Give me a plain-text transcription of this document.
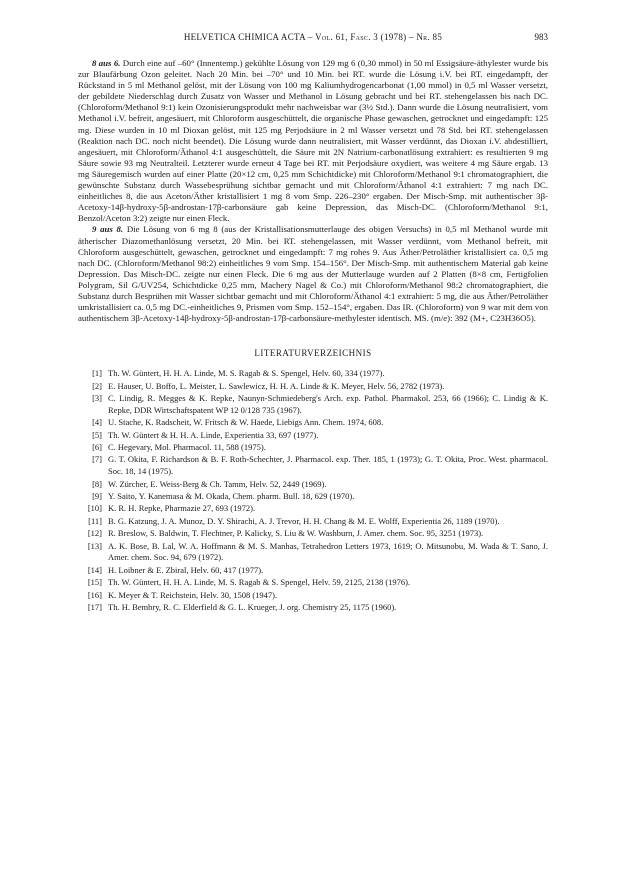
HELVETICA CHIMICA ACTA – Vol. 61, Fasc. 3 (1978) – Nr. 85	983

8 aus 6. Durch eine auf –60° (Innentemp.) gekühlte Lösung von 129 mg 6 (0,30 mmol) in 50 ml Essigsäure-äthylester wurde bis zur Blaufärbung Ozon geleitet. Nach 20 Min. bei –70° und 10 Min. bei RT. wurde die Lösung i.V. bei RT. eingedampft, der Rückstand in 5 ml Methanol gelöst, mit der Lösung von 100 mg Kaliumhydrogencarbonat (1,00 mmol) in 0,5 ml Wasser versetzt, der gebildete Niederschlag durch Zusatz von Wasser und Methanol in Lösung gebracht und bei RT. stehengelassen bis nach DC. (Chloroform/Methanol 9:1) kein Ozonisierungsprodukt mehr nachweisbar war (3½ Std.). Dann wurde die Lösung neutralisiert, vom Methanol i.V. befreit, angesäuert, mit Chloroform ausgeschüttelt, die organische Phase gewaschen, getrocknet und eingedampft: 125 mg. Diese wurden in 10 ml Dioxan gelöst, mit 125 mg Perjodsäure in 2 ml Wasser versetzt und 78 Std. bei RT. stehengelassen (Reaktion nach DC. noch nicht beendet). Die Lösung wurde dann neutralisiert, mit Wasser verdünnt, das Dioxan i.V. abdestilliert, angesäuert, mit Chloroform/Äthanol 4:1 ausgeschüttelt, die Säure mit 2N Natrium-carbonatlösung extrahiert: es resultierten 9 mg Säure sowie 93 mg Neutralteil. Letzterer wurde erneut 4 Tage bei RT. mit Perjodsäure oxydiert, was weitere 4 mg Säure ergab. 13 mg Säuregemisch wurden auf einer Platte (20×12 cm, 0,25 mm Schichtdicke) mit Chloroform/Methanol 9:1 chromatographiert, die gewünschte Substanz durch Wassebesprühung sichtbar gemacht und mit Chloroform/Äthanol 4:1 extrahiert: 7 mg nach DC. einheitliches 8, die aus Aceton/Äther kristallisiert 1 mg 8 vom Smp. 226–230° ergaben. Der Misch-Smp. mit authentischer 3β-Acetoxy-14β-hydroxy-5β-androstan-17β-carbonsäure gab keine Depression, das Misch-DC. (Chloroform/Methanol 9:1, Benzol/Aceton 3:2) zeigte nur einen Fleck.

9 aus 8. Die Lösung von 6 mg 8 (aus der Kristallisationsmutterlauge des obigen Versuchs) in 0,5 ml Methanol wurde mit ätherischer Diazomethanlösung versetzt, 20 Min. bei RT. stehengelassen, mit Wasser verdünnt, vom Methanol befreit, mit Chloroform ausgeschüttelt, gewaschen, getrocknet und eingedampft: 7 mg rohes 9. Aus Äther/Petroläther kristallisiert ca. 0,5 mg nach DC. (Chloroform/Methanol 98:2) einheitliches 9 vom Smp. 154–156°. Der Misch-Smp. mit authentischem Material gab keine Depression. Das Misch-DC. zeigte nur einen Fleck. Die 6 mg aus der Mutterlauge wurden auf 2 Platten (8×8 cm, Fertigfolien Polygram, Sil G/UV254, Schichtdicke 0,25 mm, Machery Nagel & Co.) mit Chloroform/Methanol 98:2 chromatographiert, die Substanz durch Besprühen mit Wasser sichtbar gemacht und mit Chloroform/Äthanol 4:1 extrahiert: 5 mg, die aus Äther/Petroläther umkristallisiert ca. 0,5 mg DC.-einheitliches 9, Prismen vom Smp. 152–154°, ergaben. Das IR. (Chloroform) von 9 war mit dem von authentischem 3β-Acetoxy-14β-hydroxy-5β-androstan-17β-carbonsäure-methylester identisch. MS. (m/e): 392 (M+, C23H36O5).

LITERATURVERZEICHNIS
[1] Th. W. Güntert, H. H. A. Linde, M. S. Ragab & S. Spengel, Helv. 60, 334 (1977).
[2] E. Hauser, U. Boffo, L. Meister, L. Sawlewicz, H. H. A. Linde & K. Meyer, Helv. 56, 2782 (1973).
[3] C. Lindig, R. Megges & K. Repke, Naunyn-Schmiedeberg's Arch. exp. Pathol. Pharmakol. 253, 66 (1966); C. Lindig & K. Repke, DDR Wirtschaftspatent WP 12 0/128 735 (1967).
[4] U. Stache, K. Radscheit, W. Fritsch & W. Haede, Liebigs Ann. Chem. 1974, 608.
[5] Th. W. Güntert & H. H. A. Linde, Experientia 33, 697 (1977).
[6] C. Hegevary, Mol. Pharmacol. 11, 588 (1975).
[7] G. T. Okita, F. Richardson & B. F. Roth-Schechter, J. Pharmacol. exp. Ther. 185, 1 (1973); G. T. Okita, Proc. West. pharmacol. Soc. 18, 14 (1975).
[8] W. Zürcher, E. Weiss-Berg & Ch. Tamm, Helv. 52, 2449 (1969).
[9] Y. Saito, Y. Kanemasa & M. Okada, Chem. pharm. Bull. 18, 629 (1970).
[10] K. R. H. Repke, Pharmazie 27, 693 (1972).
[11] B. G. Katzung, J. A. Munoz, D. Y. Shirachi, A. J. Trevor, H. H. Chang & M. E. Wolff, Experientia 26, 1189 (1970).
[12] R. Breslow, S. Baldwin, T. Flechtner, P. Kalicky, S. Liu & W. Washburn, J. Amer. chem. Soc. 95, 3251 (1973).
[13] A. K. Bose, B. Lal, W. A. Hoffmann & M. S. Manhas, Tetrahedron Letters 1973, 1619; O. Mitsunobu, M. Wada & T. Sano, J. Amer. chem. Soc. 94, 679 (1972).
[14] H. Loibner & E. Zbiral, Helv. 60, 417 (1977).
[15] Th. W. Güntert, H. H. A. Linde, M. S. Ragab & S. Spengel, Helv. 59, 2125, 2138 (1976).
[16] K. Meyer & T. Reichstein, Helv. 30, 1508 (1947).
[17] Th. H. Bembry, R. C. Elderfield & G. L. Krueger, J. org. Chemistry 25, 1175 (1960).
